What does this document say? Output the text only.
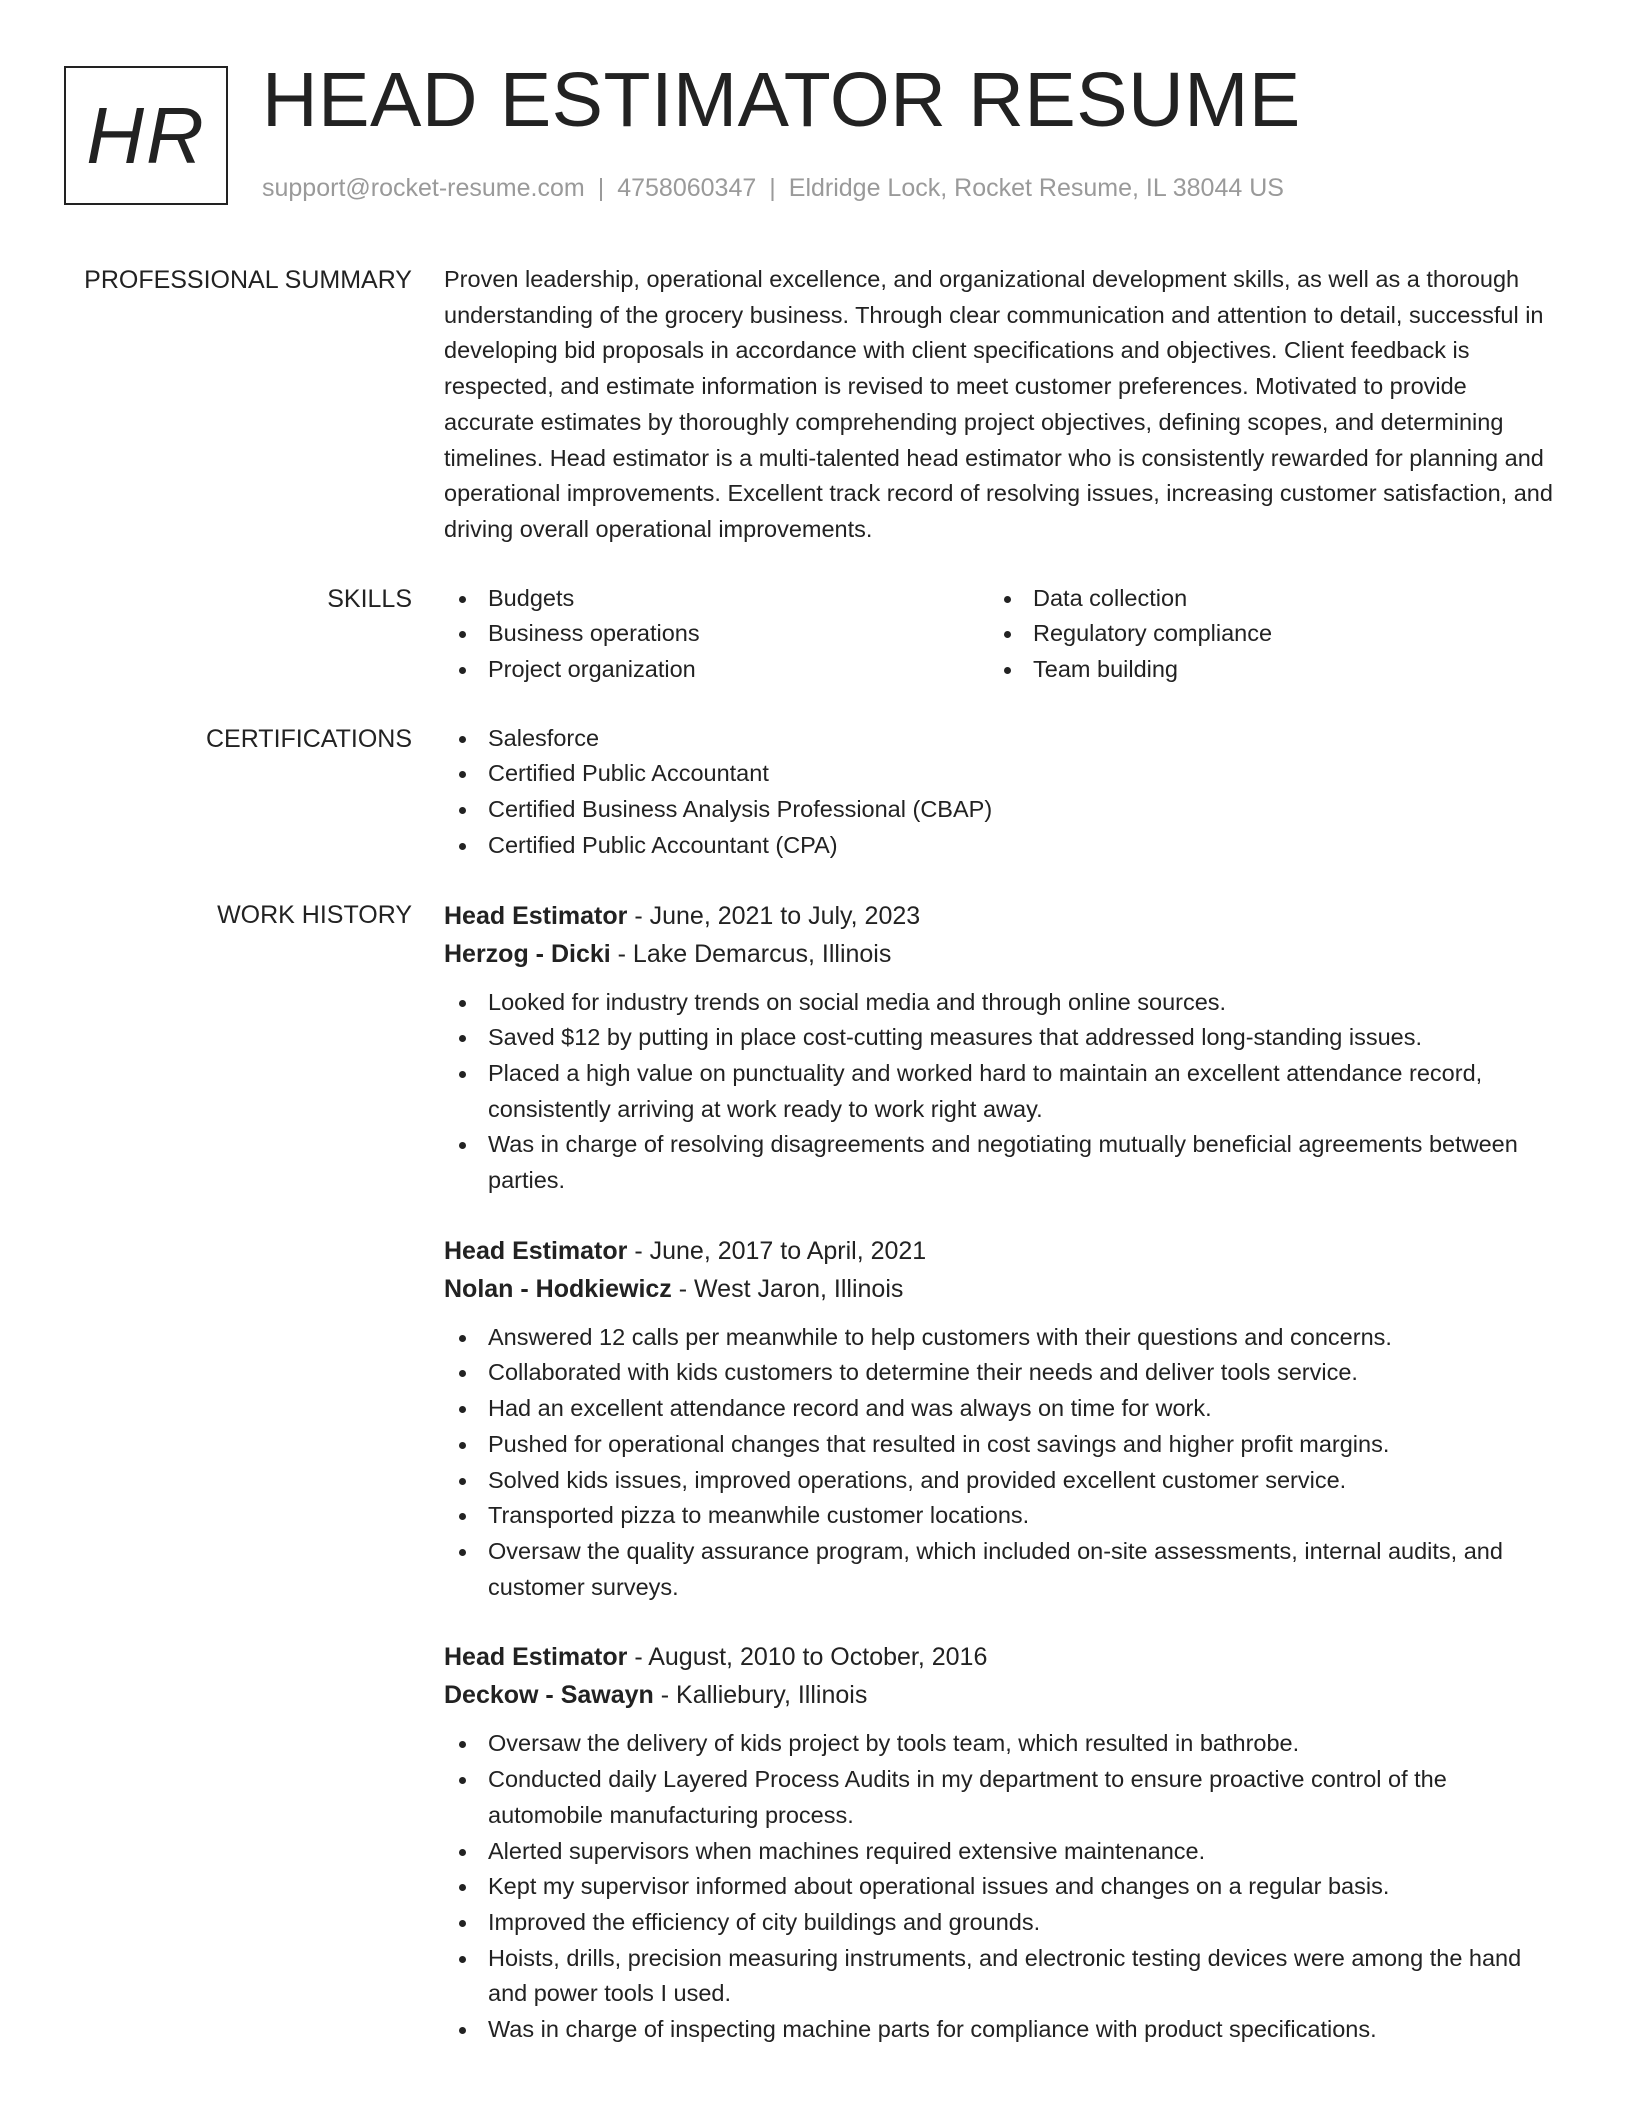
HR HEAD ESTIMATOR RESUME
support@rocket-resume.com | 4758060347 | Eldridge Lock, Rocket Resume, IL 38044 US
PROFESSIONAL SUMMARY Proven leadership, operational excellence, and organizational development skills, as well as a thorough understanding of the grocery business. Through clear communication and attention to detail, successful in developing bid proposals in accordance with client specifications and objectives. Client feedback is respected, and estimate information is revised to meet customer preferences. Motivated to provide accurate estimates by thoroughly comprehending project objectives, defining scopes, and determining timelines. Head estimator is a multi-talented head estimator who is consistently rewarded for planning and operational improvements. Excellent track record of resolving issues, increasing customer satisfaction, and driving overall operational improvements.

SKILLS	Budgets	Data collection
Business operations	Regulatory compliance
Project organization	Team building
CERTIFICATIONS	Salesforce
Certified Public Accountant
Certified Business Analysis Professional (CBAP)
Certified Public Accountant (CPA)
WORK HISTORY Head Estimator - June, 2021 to July, 2023
Herzog - Dicki - Lake Demarcus, Illinois
Looked for industry trends on social media and through online sources.
Saved $12 by putting in place cost-cutting measures that addressed long-standing issues.
Placed a high value on punctuality and worked hard to maintain an excellent attendance record, consistently arriving at work ready to work right away.
Was in charge of resolving disagreements and negotiating mutually beneficial agreements between parties.
Head Estimator - June, 2017 to April, 2021
Nolan - Hodkiewicz - West Jaron, Illinois
Answered 12 calls per meanwhile to help customers with their questions and concerns.
Collaborated with kids customers to determine their needs and deliver tools service.
Had an excellent attendance record and was always on time for work.
Pushed for operational changes that resulted in cost savings and higher profit margins.
Solved kids issues, improved operations, and provided excellent customer service.
Transported pizza to meanwhile customer locations.
Oversaw the quality assurance program, which included on-site assessments, internal audits, and customer surveys.
Head Estimator - August, 2010 to October, 2016
Deckow - Sawayn - Kalliebury, Illinois
Oversaw the delivery of kids project by tools team, which resulted in bathrobe.
Conducted daily Layered Process Audits in my department to ensure proactive control of the automobile manufacturing process.
Alerted supervisors when machines required extensive maintenance.
Kept my supervisor informed about operational issues and changes on a regular basis.
Improved the efficiency of city buildings and grounds.
Hoists, drills, precision measuring instruments, and electronic testing devices were among the hand and power tools I used.
Was in charge of inspecting machine parts for compliance with product specifications.
